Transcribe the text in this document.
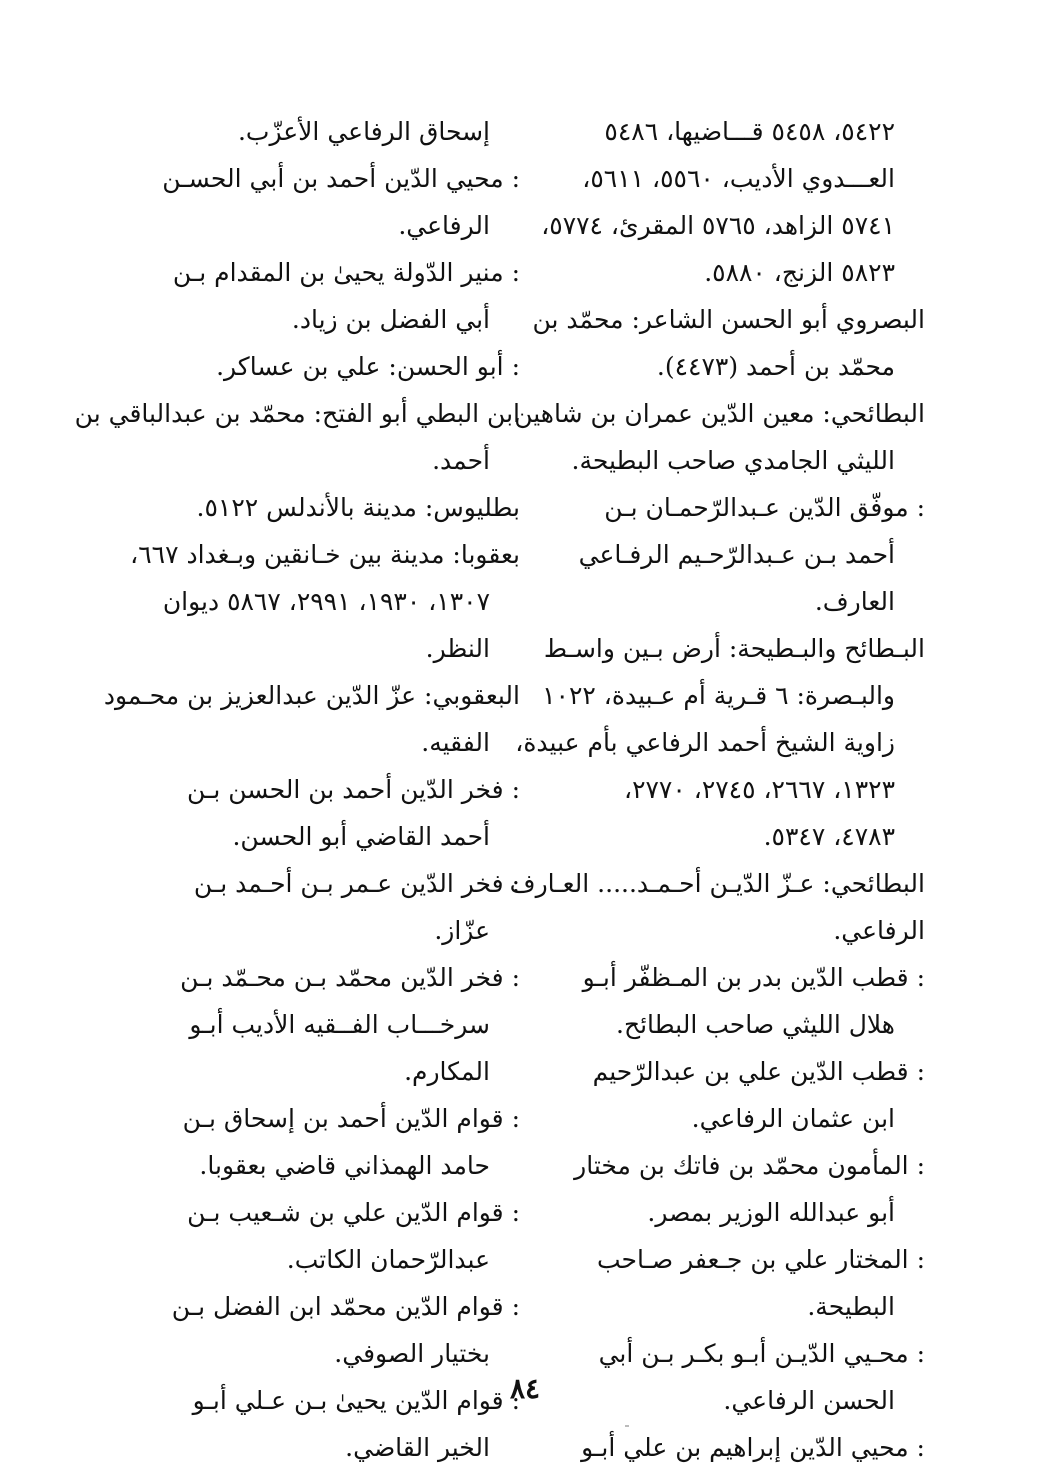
٥٤٢٢، ٥٤٥٨ قـــاضيها، ٥٤٨٦
العـــدوي الأديب، ٥٥٦٠، ٥٦١١،
٥٧٤١ الزاهد، ٥٧٦٥ المقرئ، ٥٧٧٤،
٥٨٢٣ الزنج، ٥٨٨٠.
البصروي أبو الحسن الشاعر: محمّد بن
محمّد بن أحمد (٤٤٧٣).
البطائحي: معين الدّين عمران بن شاهين
الليثي الجامدي صاحب البطيحة.
: موفّق الدّين عـبدالرّحمـان بـن
أحمد بـن عـبدالرّحـيم الرفـاعي
العارف.
البـطائح والبـطيحة: أرض بـين واسـط
والبـصرة: ٦ قـرية أم عـبيدة، ١٠٢٢
زاوية الشيخ أحمد الرفاعي بأم عبيدة،
١٣٢٣، ٢٦٦٧، ٢٧٤٥، ٢٧٧٠،
٤٧٨٣، ٥٣٤٧.
البطائحي: عـزّ الدّيـن أحـمـد..... العـارف
الرفاعي.
: قطب الدّين بدر بن المـظفّر أبـو
هلال الليثي صاحب البطائح.
: قطب الدّين علي بن عبدالرّحيم
ابن عثمان الرفاعي.
: المأمون محمّد بن فاتك بن مختار
أبو عبدالله الوزير بمصر.
: المختار علي بن جـعفر صـاحب
البطيحة.
: محـيي الدّيـن أبـو بكـر بـن أبي
الحسن الرفاعي.
: محيي الدّين إبراهيم بن علي أبـو
إسحاق الرفاعي الأعزّب.
: محيي الدّين أحمد بن أبي الحسـن
الرفاعي.
: منير الدّولة يحيىٰ بن المقدام بـن
أبي الفضل بن زياد.
: أبو الحسن: علي بن عساكر.
ابن البطي أبو الفتح: محمّد بن عبدالباقي بن
أحمد.
بطليوس: مدينة بالأندلس ٥١٢٢.
بعقوبا: مدينة بين خـانقين وبـغداد ٦٦٧،
١٣٠٧، ١٩٣٠، ٢٩٩١، ٥٨٦٧ ديوان
النظر.
البعقوبي: عزّ الدّين عبدالعزيز بن محـمود
الفقيه.
: فخر الدّين أحمد بن الحسن بـن
أحمد القاضي أبو الحسن.
: فخر الدّين عـمر بـن أحـمد بـن
عزّاز.
: فخر الدّين محمّد بـن محـمّد بـن
سرخـــاب الفــقيه الأديب أبـو
المكارم.
: قوام الدّين أحمد بن إسحاق بـن
حامد الهمذاني قاضي بعقوبا.
: قوام الدّين علي بن شـعيب بـن
عبدالرّحمان الكاتب.
: قوام الدّين محمّد ابن الفضل بـن
بختيار الصوفي.
: قوام الدّين يحيىٰ بـن عـلي أبـو
الخير القاضي.
٨٤
